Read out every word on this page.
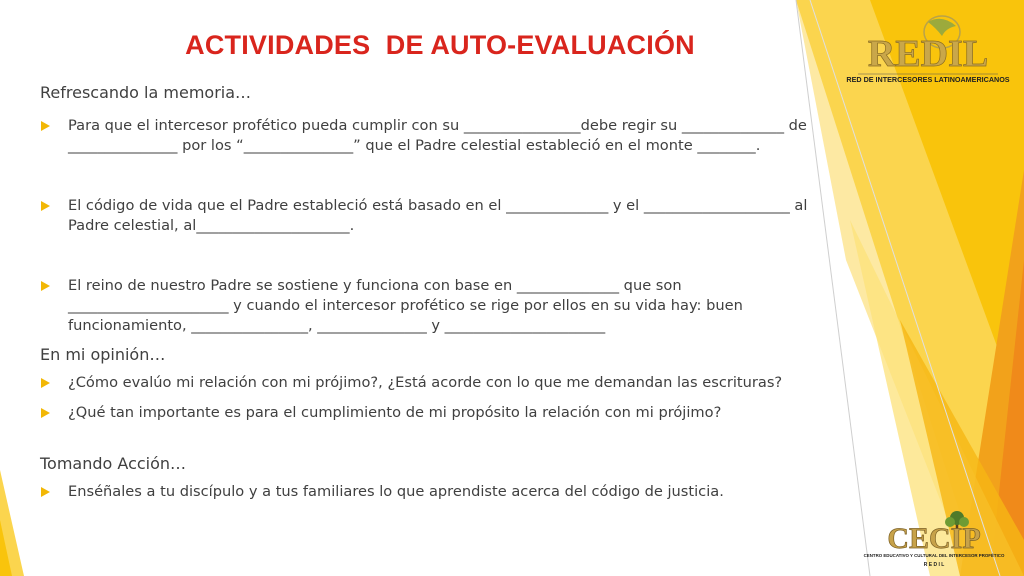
ACTIVIDADES DE AUTO-EVALUACIÓN

Refrescando la memoria…

Para que el intercesor profético pueda cumplir con su ________________debe regir su ______________ de _______________ por los “_______________” que el Padre celestial estableció en el monte ________.
El código de vida que el Padre estableció está basado en el ______________ y el ____________________ al Padre celestial, al_____________________.
El reino de nuestro Padre se sostiene y funciona con base en ______________ que son ______________________ y cuando el intercesor profético se rige por ellos en su vida hay: buen funcionamiento, ________________, _______________ y ______________________

En mi opinión…

¿Cómo evalúo mi relación con mi prójimo?, ¿Está acorde con lo que me demandan las escrituras?
¿Qué tan importante es para el cumplimiento de mi propósito la relación con mi prójimo?

Tomando Acción…

Enséñales a tu discípulo y a tus familiares lo que aprendiste acerca del código de justicia.
REDIL
RED DE INTERCESORES LATINOAMERICANOS
CECIP
CENTRO EDUCATIVO Y CULTURAL DEL INTERCESOR PROFÉTICO
R E D I L
